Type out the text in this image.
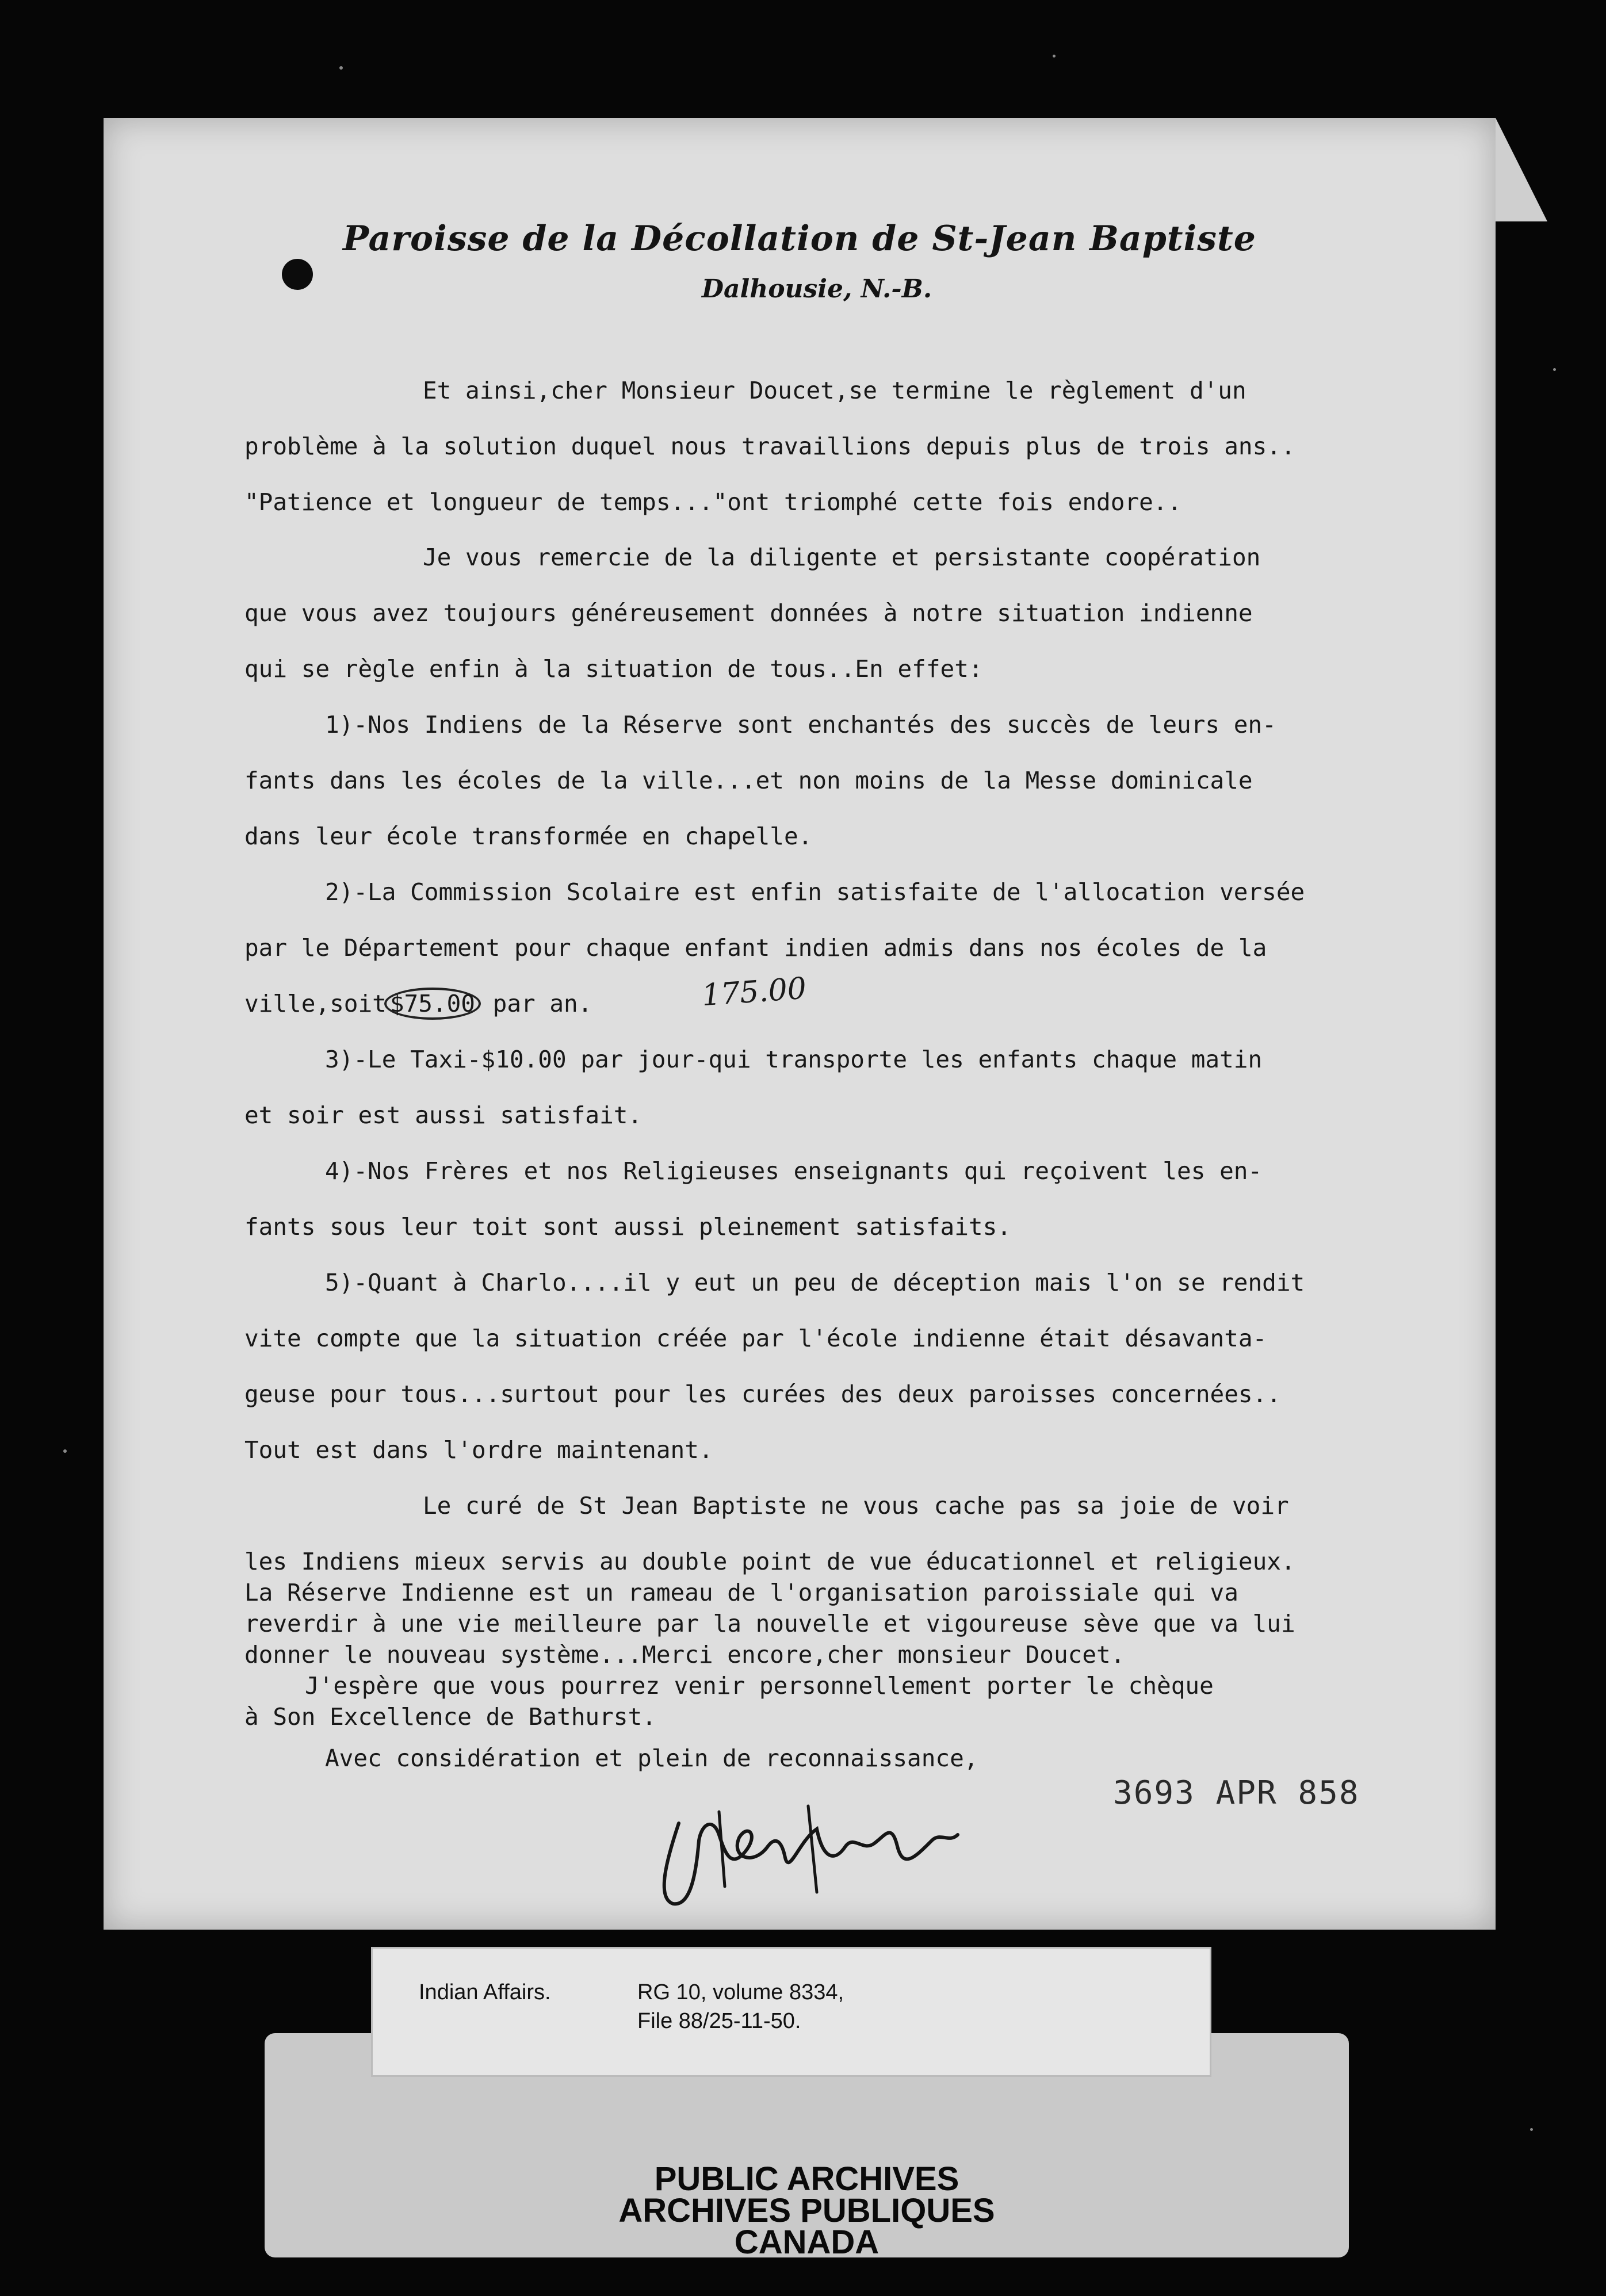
Paroisse de la Décollation de St-Jean Baptiste
Dalhousie, N.-B.

Et ainsi,cher Monsieur Doucet,se termine le règlement d'un

problème à la solution duquel nous travaillions depuis plus de trois ans..

"Patience et longueur de temps..."ont triomphé cette fois endore..

Je vous remercie de la diligente et persistante coopération

que vous avez toujours généreusement données à notre situation indienne

qui se règle enfin à la situation de tous..En effet:

1)-Nos Indiens de la Réserve sont enchantés des succès de leurs en-

fants dans les écoles de la ville...et non moins de la Messe dominicale

dans leur école transformée en chapelle.

2)-La Commission Scolaire est enfin satisfaite de l'allocation versée

par le Département pour chaque enfant indien admis dans nos écoles de la

ville,soit $75.00 par an.

3)-Le Taxi-$10.00 par jour-qui transporte les enfants chaque matin

et soir est aussi satisfait.

4)-Nos Frères et nos Religieuses enseignants qui reçoivent les en-

fants sous leur toit sont aussi pleinement satisfaits.

5)-Quant à Charlo....il y eut un peu de déception mais l'on se rendit

vite compte que la situation créée par l'école indienne était désavanta-

geuse pour tous...surtout pour les curées des deux paroisses concernées..

Tout est dans l'ordre maintenant.

Le curé de St Jean Baptiste ne vous cache pas sa joie de voir

les Indiens mieux servis au double point de vue éducationnel et religieux.

La Réserve Indienne est un rameau de l'organisation paroissiale qui va

reverdir à une vie meilleure par la nouvelle et vigoureuse sève que va lui

donner le nouveau système...Merci encore,cher monsieur Doucet.

J'espère que vous pourrez venir personnellement porter le chèque

à Son Excellence de Bathurst.

Avec considération et plein de reconnaissance,

175.00
3693 APR 858
PUBLIC ARCHIVES
ARCHIVES PUBLIQUES
CANADA
Indian Affairs.	RG 10, volume 8334,
File 88/25-11-50.
